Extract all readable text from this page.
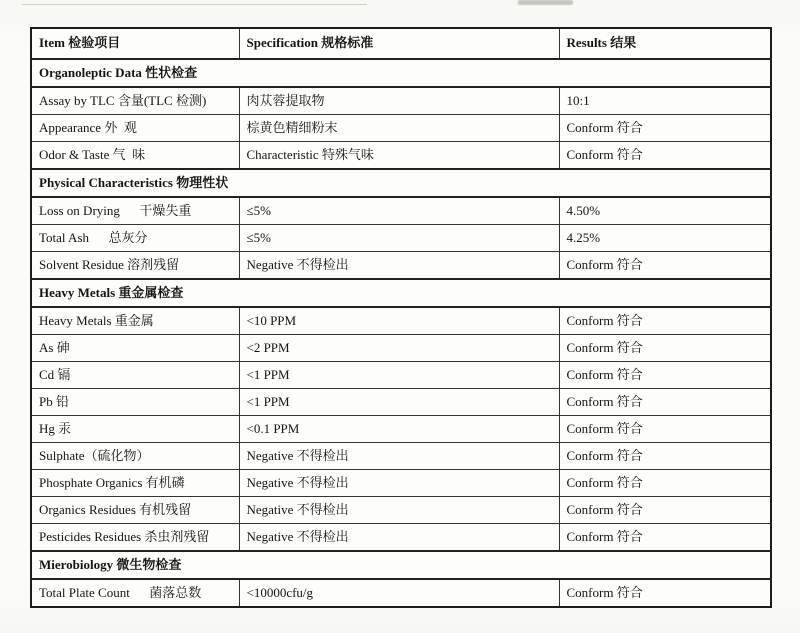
Item 检验项目	Specification 规格标准	Results 结果
Organoleptic Data 性状检查		
Assay by TLC 含量(TLC 检测)	肉苁蓉提取物	10:1
Appearance 外 观	棕黄色精细粉末	Conform 符合
Odor & Taste 气 味	Characteristic 特殊气味	Conform 符合
Physical Characteristics 物理性状		
Loss on Drying  干燥失重	≤5%	4.50%
Total Ash  总灰分	≤5%	4.25%
Solvent Residue 溶剂残留	Negative 不得检出	Conform 符合
Heavy Metals 重金属检查		
Heavy Metals 重金属	<10 PPM	Conform 符合
As 砷	<2 PPM	Conform 符合
Cd 镉	<1 PPM	Conform 符合
Pb 铅	<1 PPM	Conform 符合
Hg 汞	<0.1 PPM	Conform 符合
Sulphate（硫化物）	Negative 不得检出	Conform 符合
Phosphate Organics 有机磷	Negative 不得检出	Conform 符合
Organics Residues 有机残留	Negative 不得检出	Conform 符合
Pesticides Residues 杀虫剂残留	Negative 不得检出	Conform 符合
Mierobiology 微生物检查		
Total Plate Count  菌落总数	<10000cfu/g	Conform 符合
